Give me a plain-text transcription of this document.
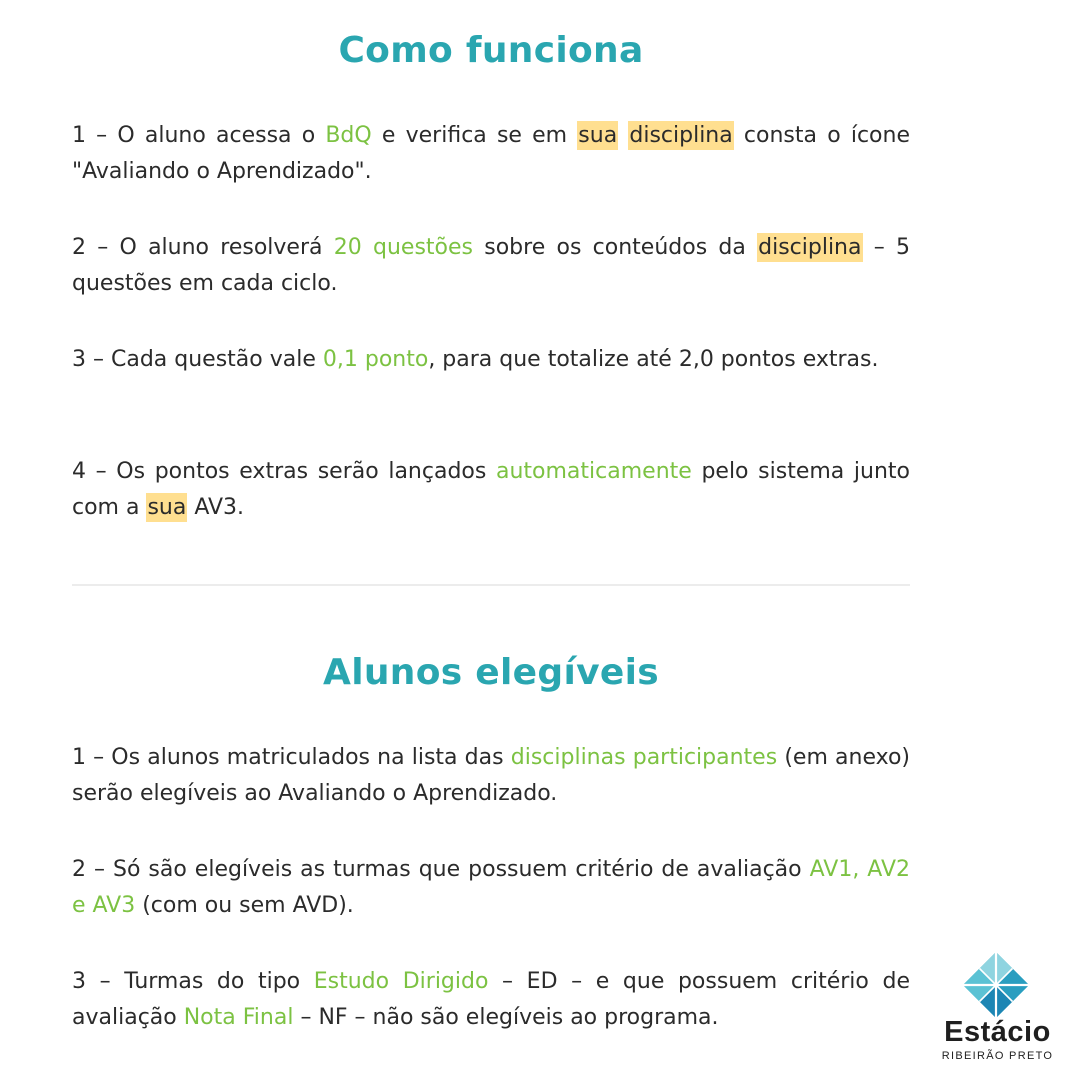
Como funciona

1 – O aluno acessa o BdQ e verifica se em sua disciplina consta o ícone "Avaliando o Aprendizado".

2 – O aluno resolverá 20 questões sobre os conteúdos da disciplina – 5 questões em cada ciclo.

3 – Cada questão vale 0,1 ponto, para que totalize até 2,0 pontos extras.

4 – Os pontos extras serão lançados automaticamente pelo sistema junto com a sua AV3.

Alunos elegíveis

1 – Os alunos matriculados na lista das disciplinas participantes (em anexo) serão elegíveis ao Avaliando o Aprendizado.

2 – Só são elegíveis as turmas que possuem critério de avaliação AV1, AV2 e AV3 (com ou sem AVD).

3 – Turmas do tipo Estudo Dirigido – ED – e que possuem critério de avaliação Nota Final – NF – não são elegíveis ao programa.	Estácio
RIBEIRÃO PRETO
